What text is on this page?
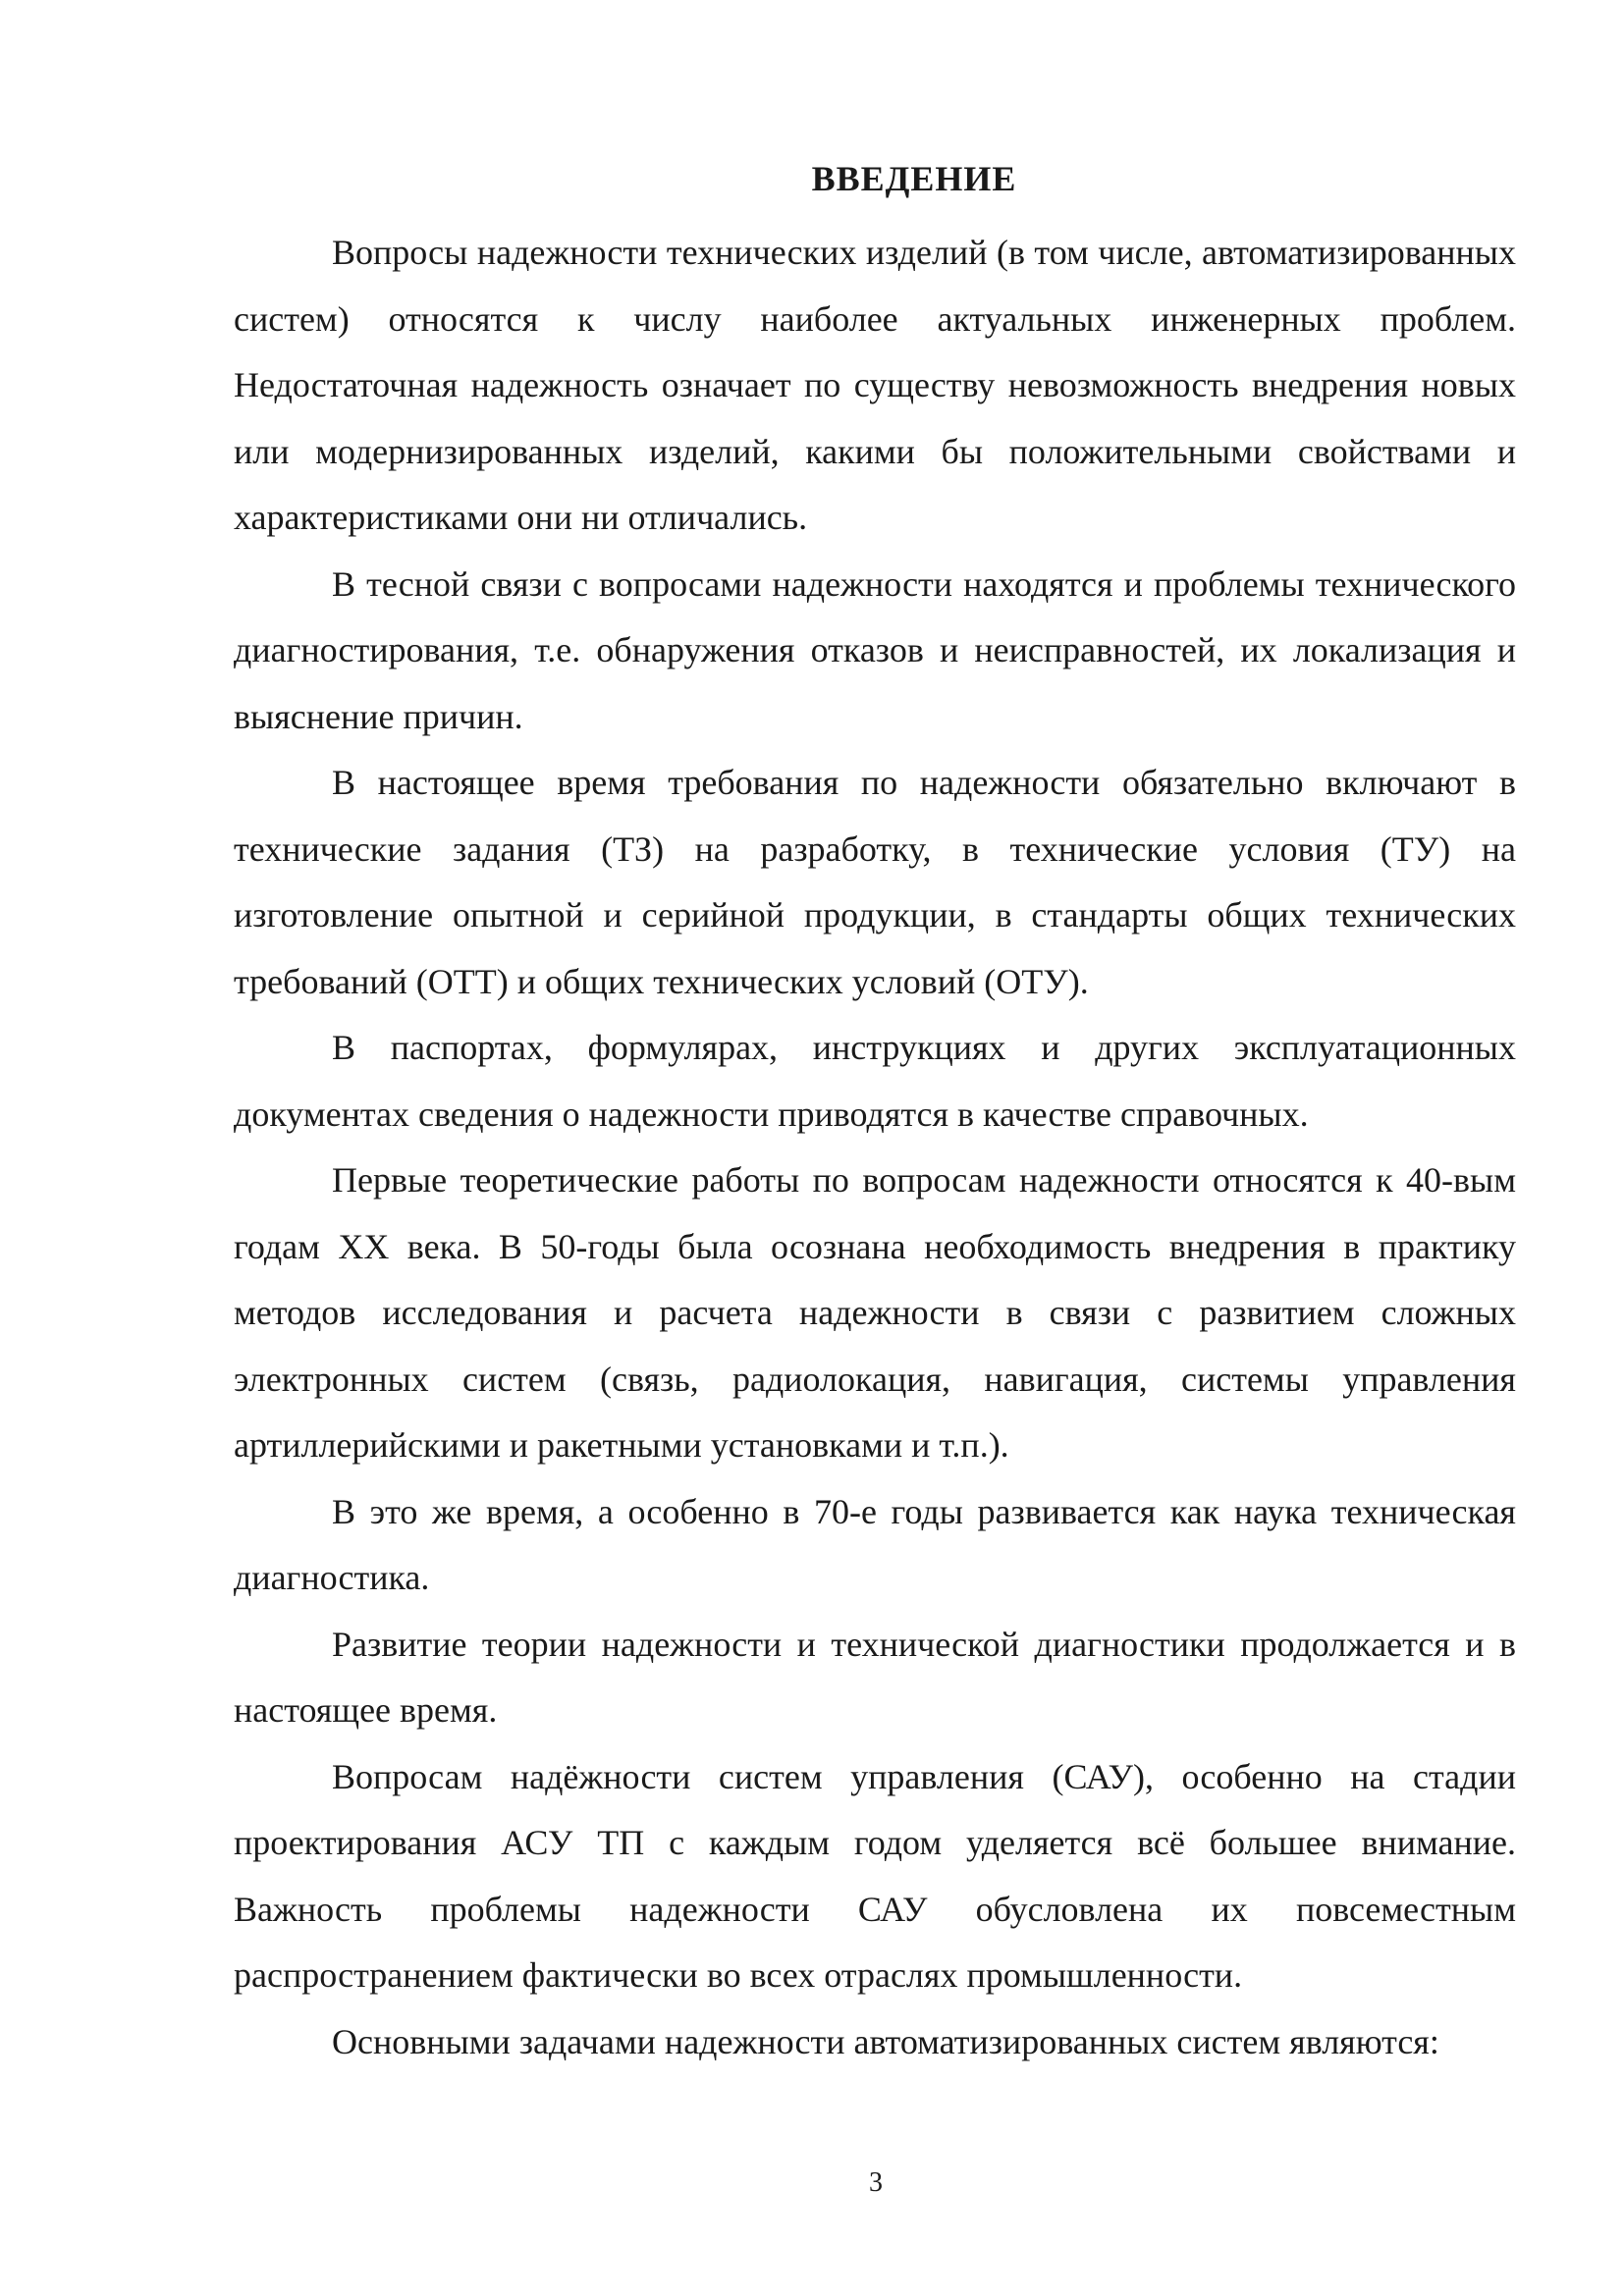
ВВЕДЕНИЕ

Вопросы надежности технических изделий (в том числе, автоматизированных систем) относятся к числу наиболее актуальных инженерных проблем. Недостаточная надежность означает по существу невозможность внедрения новых или модернизированных изделий, какими бы положительными свойствами и характеристиками они ни отличались.

В тесной связи с вопросами надежности находятся и проблемы технического диагностирования, т.е. обнаружения отказов и неисправностей, их локализация и выяснение причин.

В настоящее время требования по надежности обязательно включают в технические задания (ТЗ) на разработку, в технические условия (ТУ) на изготовление опытной и серийной продукции, в стандарты общих технических требований (ОТТ) и общих технических условий (ОТУ).

В паспортах, формулярах, инструкциях и других эксплуатационных документах сведения о надежности приводятся в качестве справочных.

Первые теоретические работы по вопросам надежности относятся к 40-вым годам XX века. В 50-годы была осознана необходимость внедрения в практику методов исследования и расчета надежности в связи с развитием сложных электронных систем (связь, радиолокация, навигация, системы управления артиллерийскими и ракетными установками и т.п.).

В это же время, а особенно в 70-е годы развивается как наука техническая диагностика.

Развитие теории надежности и технической диагностики продолжается и в настоящее время.

Вопросам надёжности систем управления (САУ), особенно на стадии проектирования АСУ ТП с каждым годом уделяется всё большее внимание. Важность проблемы надежности САУ обусловлена их повсеместным распространением фактически во всех отраслях промышленности.

Основными задачами надежности автоматизированных систем являются:

3
